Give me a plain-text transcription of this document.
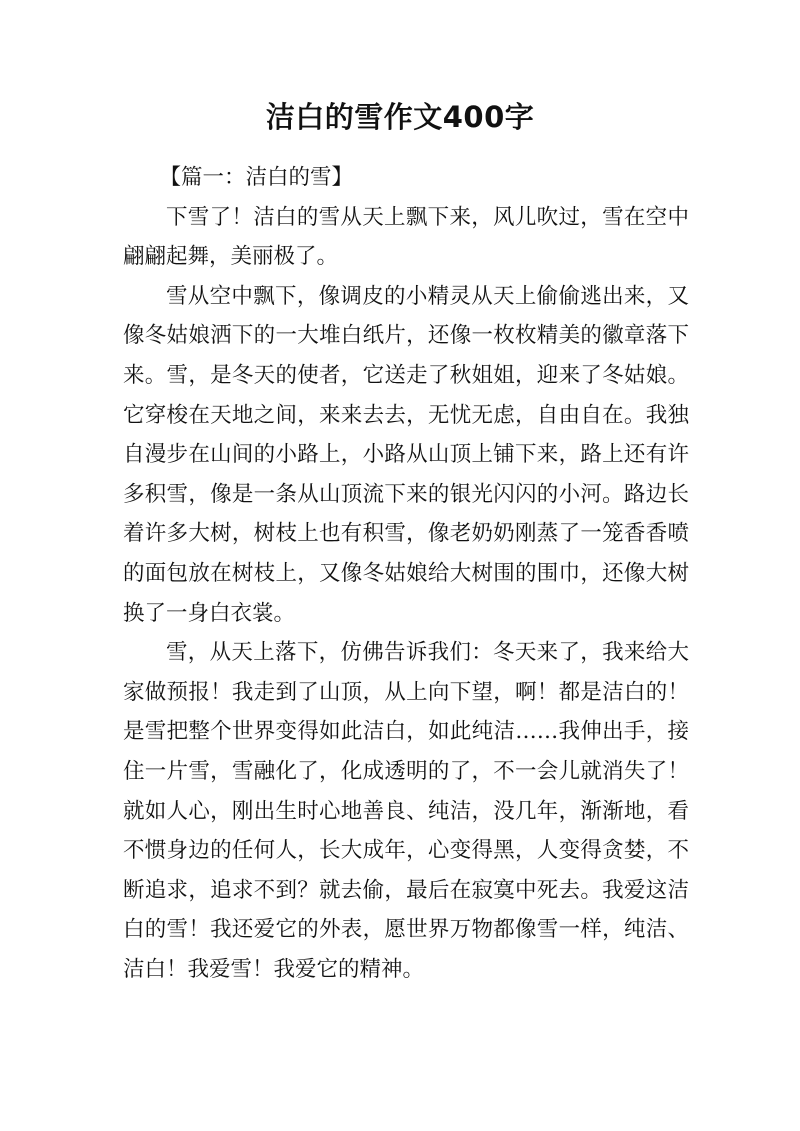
洁白的雪作文400字

【篇一：洁白的雪】

下雪了！洁白的雪从天上飘下来，风儿吹过，雪在空中翩翩起舞，美丽极了。

雪从空中飘下，像调皮的小精灵从天上偷偷逃出来，又像冬姑娘洒下的一大堆白纸片，还像一枚枚精美的徽章落下来。雪，是冬天的使者，它送走了秋姐姐，迎来了冬姑娘。它穿梭在天地之间，来来去去，无忧无虑，自由自在。我独自漫步在山间的小路上，小路从山顶上铺下来，路上还有许多积雪，像是一条从山顶流下来的银光闪闪的小河。路边长着许多大树，树枝上也有积雪，像老奶奶刚蒸了一笼香香喷的面包放在树枝上，又像冬姑娘给大树围的围巾，还像大树换了一身白衣裳。

雪，从天上落下，仿佛告诉我们：冬天来了，我来给大家做预报！我走到了山顶，从上向下望，啊！都是洁白的！是雪把整个世界变得如此洁白，如此纯洁……我伸出手，接住一片雪，雪融化了，化成透明的了，不一会儿就消失了！就如人心，刚出生时心地善良、纯洁，没几年，渐渐地，看不惯身边的任何人，长大成年，心变得黑，人变得贪婪，不断追求，追求不到？就去偷，最后在寂寞中死去。我爱这洁白的雪！我还爱它的外表，愿世界万物都像雪一样，纯洁、洁白！我爱雪！我爱它的精神。
